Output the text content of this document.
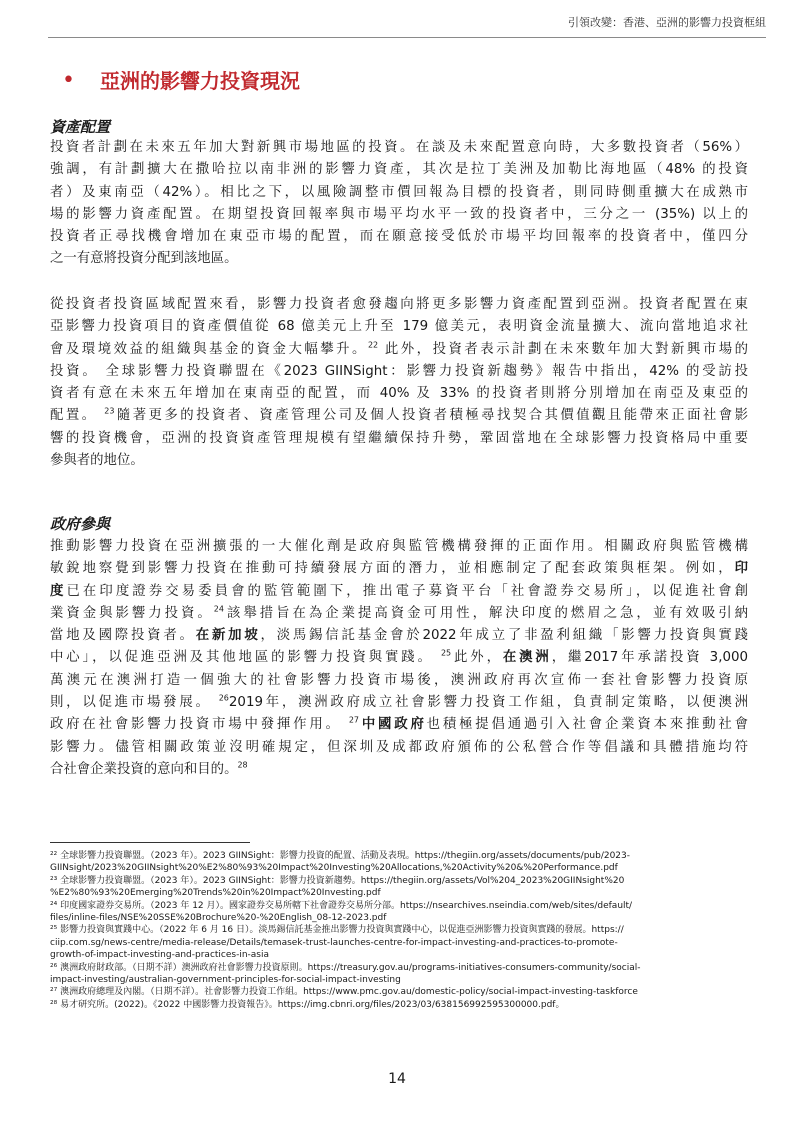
引領改變：香港、亞洲的影響力投資框組
• 亞洲的影響力投資現況
資產配置

投資者計劃在未來五年加大對新興市場地區的投資。在談及未來配置意向時，大多數投資者（56%）
強調，有計劃擴大在撒哈拉以南非洲的影響力資產，其次是拉丁美洲及加勒比海地區（48% 的投資
者）及東南亞（42%）。相比之下，以風險調整市價回報為目標的投資者，則同時側重擴大在成熟市
場的影響力資產配置。在期望投資回報率與市場平均水平一致的投資者中，三分之一 (35%) 以上的
投資者正尋找機會增加在東亞市場的配置，而在願意接受低於市場平均回報率的投資者中，僅四分
之一有意將投資分配到該地區。

從投資者投資區域配置來看，影響力投資者愈發趨向將更多影響力資產配置到亞洲。投資者配置在東
亞影響力投資項目的資產價值從 68 億美元上升至 179 億美元，表明資金流量擴大、流向當地追求社
會及環境效益的組織與基金的資金大幅攀升。$^{22}$ 此外，投資者表示計劃在未來數年加大對新興市場的
投資。 全球影響力投資聯盟在《2023 GIINSight：影響力投資新趨勢》報告中指出，42% 的受訪投
資者有意在未來五年增加在東南亞的配置，而 40% 及 33% 的投資者則將分別增加在南亞及東亞的
配置。 $^{23}$隨著更多的投資者、資產管理公司及個人投資者積極尋找契合其價值觀且能帶來正面社會影
響的投資機會，亞洲的投資資產管理規模有望繼續保持升勢，鞏固當地在全球影響力投資格局中重要
參與者的地位。

政府參與

推動影響力投資在亞洲擴張的一大催化劑是政府與監管機構發揮的正面作用。相關政府與監管機構
敏銳地察覺到影響力投資在推動可持續發展方面的潛力，並相應制定了配套政策與框架。例如，印
度已在印度證券交易委員會的監管範圍下，推出電子募資平台「社會證券交易所」，以促進社會創
業資金與影響力投資。$^{24}$該舉措旨在為企業提高資金可用性，解決印度的燃眉之急，並有效吸引納
當地及國際投資者。在新加坡，淡馬錫信託基金會於2022年成立了非盈利組織「影響力投資與實踐
中心」，以促進亞洲及其他地區的影響力投資與實踐。 $^{25}$此外，在澳洲，繼2017年承諾投資 3,000
萬澳元在澳洲打造一個強大的社會影響力投資市場後，澳洲政府再次宣佈一套社會影響力投資原
則，以促進市場發展。 $^{26}$2019年，澳洲政府成立社會影響力投資工作組，負責制定策略，以便澳洲
政府在社會影響力投資市場中發揮作用。 $^{27}$中國政府也積極提倡通過引入社會企業資本來推動社會
影響力。儘管相關政策並沒明確規定，但深圳及成都政府頒佈的公私營合作等倡議和具體措施均符
合社會企業投資的意向和目的。$^{28}$

²² 全球影響力投資聯盟。（2023 年）。2023 GIINSight：影響力投資的配置、活動及表現。https://thegiin.org/assets/documents/pub/2023-
GIINsight/2023%20GIINsight%20%E2%80%93%20Impact%20Investing%20Allocations,%20Activity%20&%20Performance.pdf
²³ 全球影響力投資聯盟。（2023 年）。2023 GIINSight：影響力投資新趨勢。https://thegiin.org/assets/Vol%204_2023%20GIINsight%20
%E2%80%93%20Emerging%20Trends%20in%20Impact%20Investing.pdf
²⁴ 印度國家證券交易所。（2023 年 12 月）。國家證券交易所轄下社會證券交易所分部。https://nsearchives.nseindia.com/web/sites/default/
files/inline-files/NSE%20SSE%20Brochure%20-%20English_08-12-2023.pdf
²⁵ 影響力投資與實踐中心。（2022 年 6 月 16 日）。淡馬錫信託基金推出影響力投資與實踐中心，以促進亞洲影響力投資與實踐的發展。https://
ciip.com.sg/news-centre/media-release/Details/temasek-trust-launches-centre-for-impact-investing-and-practices-to-promote-
growth-of-impact-investing-and-practices-in-asia
²⁶ 澳洲政府財政部。（日期不詳）澳洲政府社會影響力投資原則。https://treasury.gov.au/programs-initiatives-consumers-community/social-
impact-investing/australian-government-principles-for-social-impact-investing
²⁷ 澳洲政府總理及內閣。（日期不詳）。社會影響力投資工作組。https://www.pmc.gov.au/domestic-policy/social-impact-investing-taskforce
²⁸ 易才研究所。(2022)。《2022 中國影響力投資報告》。https://img.cbnri.org/files/2023/03/638156992595300000.pdf。
14
